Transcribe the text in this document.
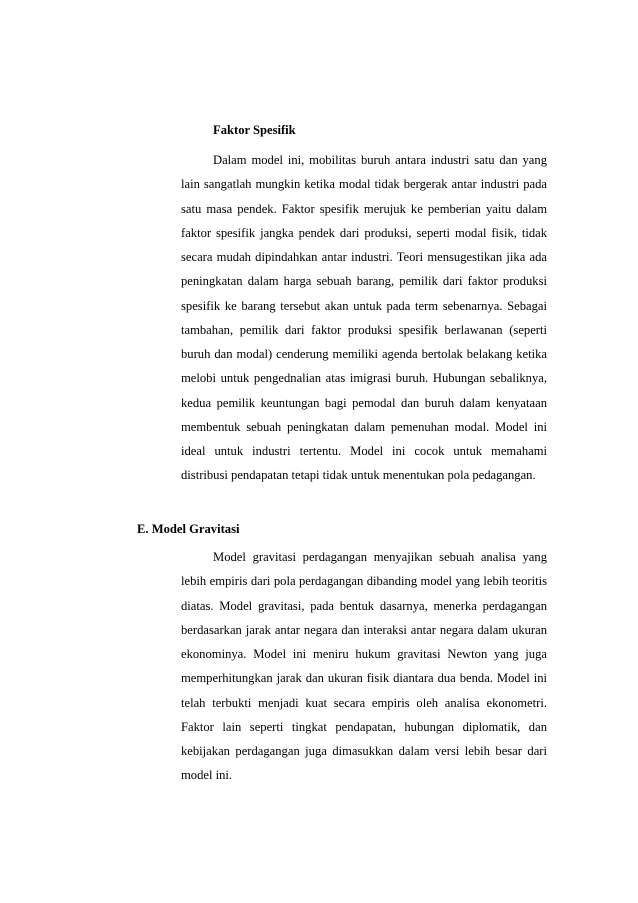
Faktor Spesifik

Dalam model ini, mobilitas buruh antara industri satu dan yang lain sangatlah mungkin ketika modal tidak bergerak antar industri pada satu masa pendek. Faktor spesifik merujuk ke pemberian yaitu dalam faktor spesifik jangka pendek dari produksi, seperti modal fisik, tidak secara mudah dipindahkan antar industri. Teori mensugestikan jika ada peningkatan dalam harga sebuah barang, pemilik dari faktor produksi spesifik ke barang tersebut akan untuk pada term sebenarnya. Sebagai tambahan, pemilik dari faktor produksi spesifik berlawanan (seperti buruh dan modal) cenderung memiliki agenda bertolak belakang ketika melobi untuk pengednalian atas imigrasi buruh. Hubungan sebaliknya, kedua pemilik keuntungan bagi pemodal dan buruh dalam kenyataan membentuk sebuah peningkatan dalam pemenuhan modal. Model ini ideal untuk industri tertentu. Model ini cocok untuk memahami distribusi pendapatan tetapi tidak untuk menentukan pola pedagangan.

E. Model Gravitasi

Model gravitasi perdagangan menyajikan sebuah analisa yang lebih empiris dari pola perdagangan dibanding model yang lebih teoritis diatas. Model gravitasi, pada bentuk dasarnya, menerka perdagangan berdasarkan jarak antar negara dan interaksi antar negara dalam ukuran ekonominya. Model ini meniru hukum gravitasi Newton yang juga memperhitungkan jarak dan ukuran fisik diantara dua benda. Model ini telah terbukti menjadi kuat secara empiris oleh analisa ekonometri. Faktor lain seperti tingkat pendapatan, hubungan diplomatik, dan kebijakan perdagangan juga dimasukkan dalam versi lebih besar dari model ini.
